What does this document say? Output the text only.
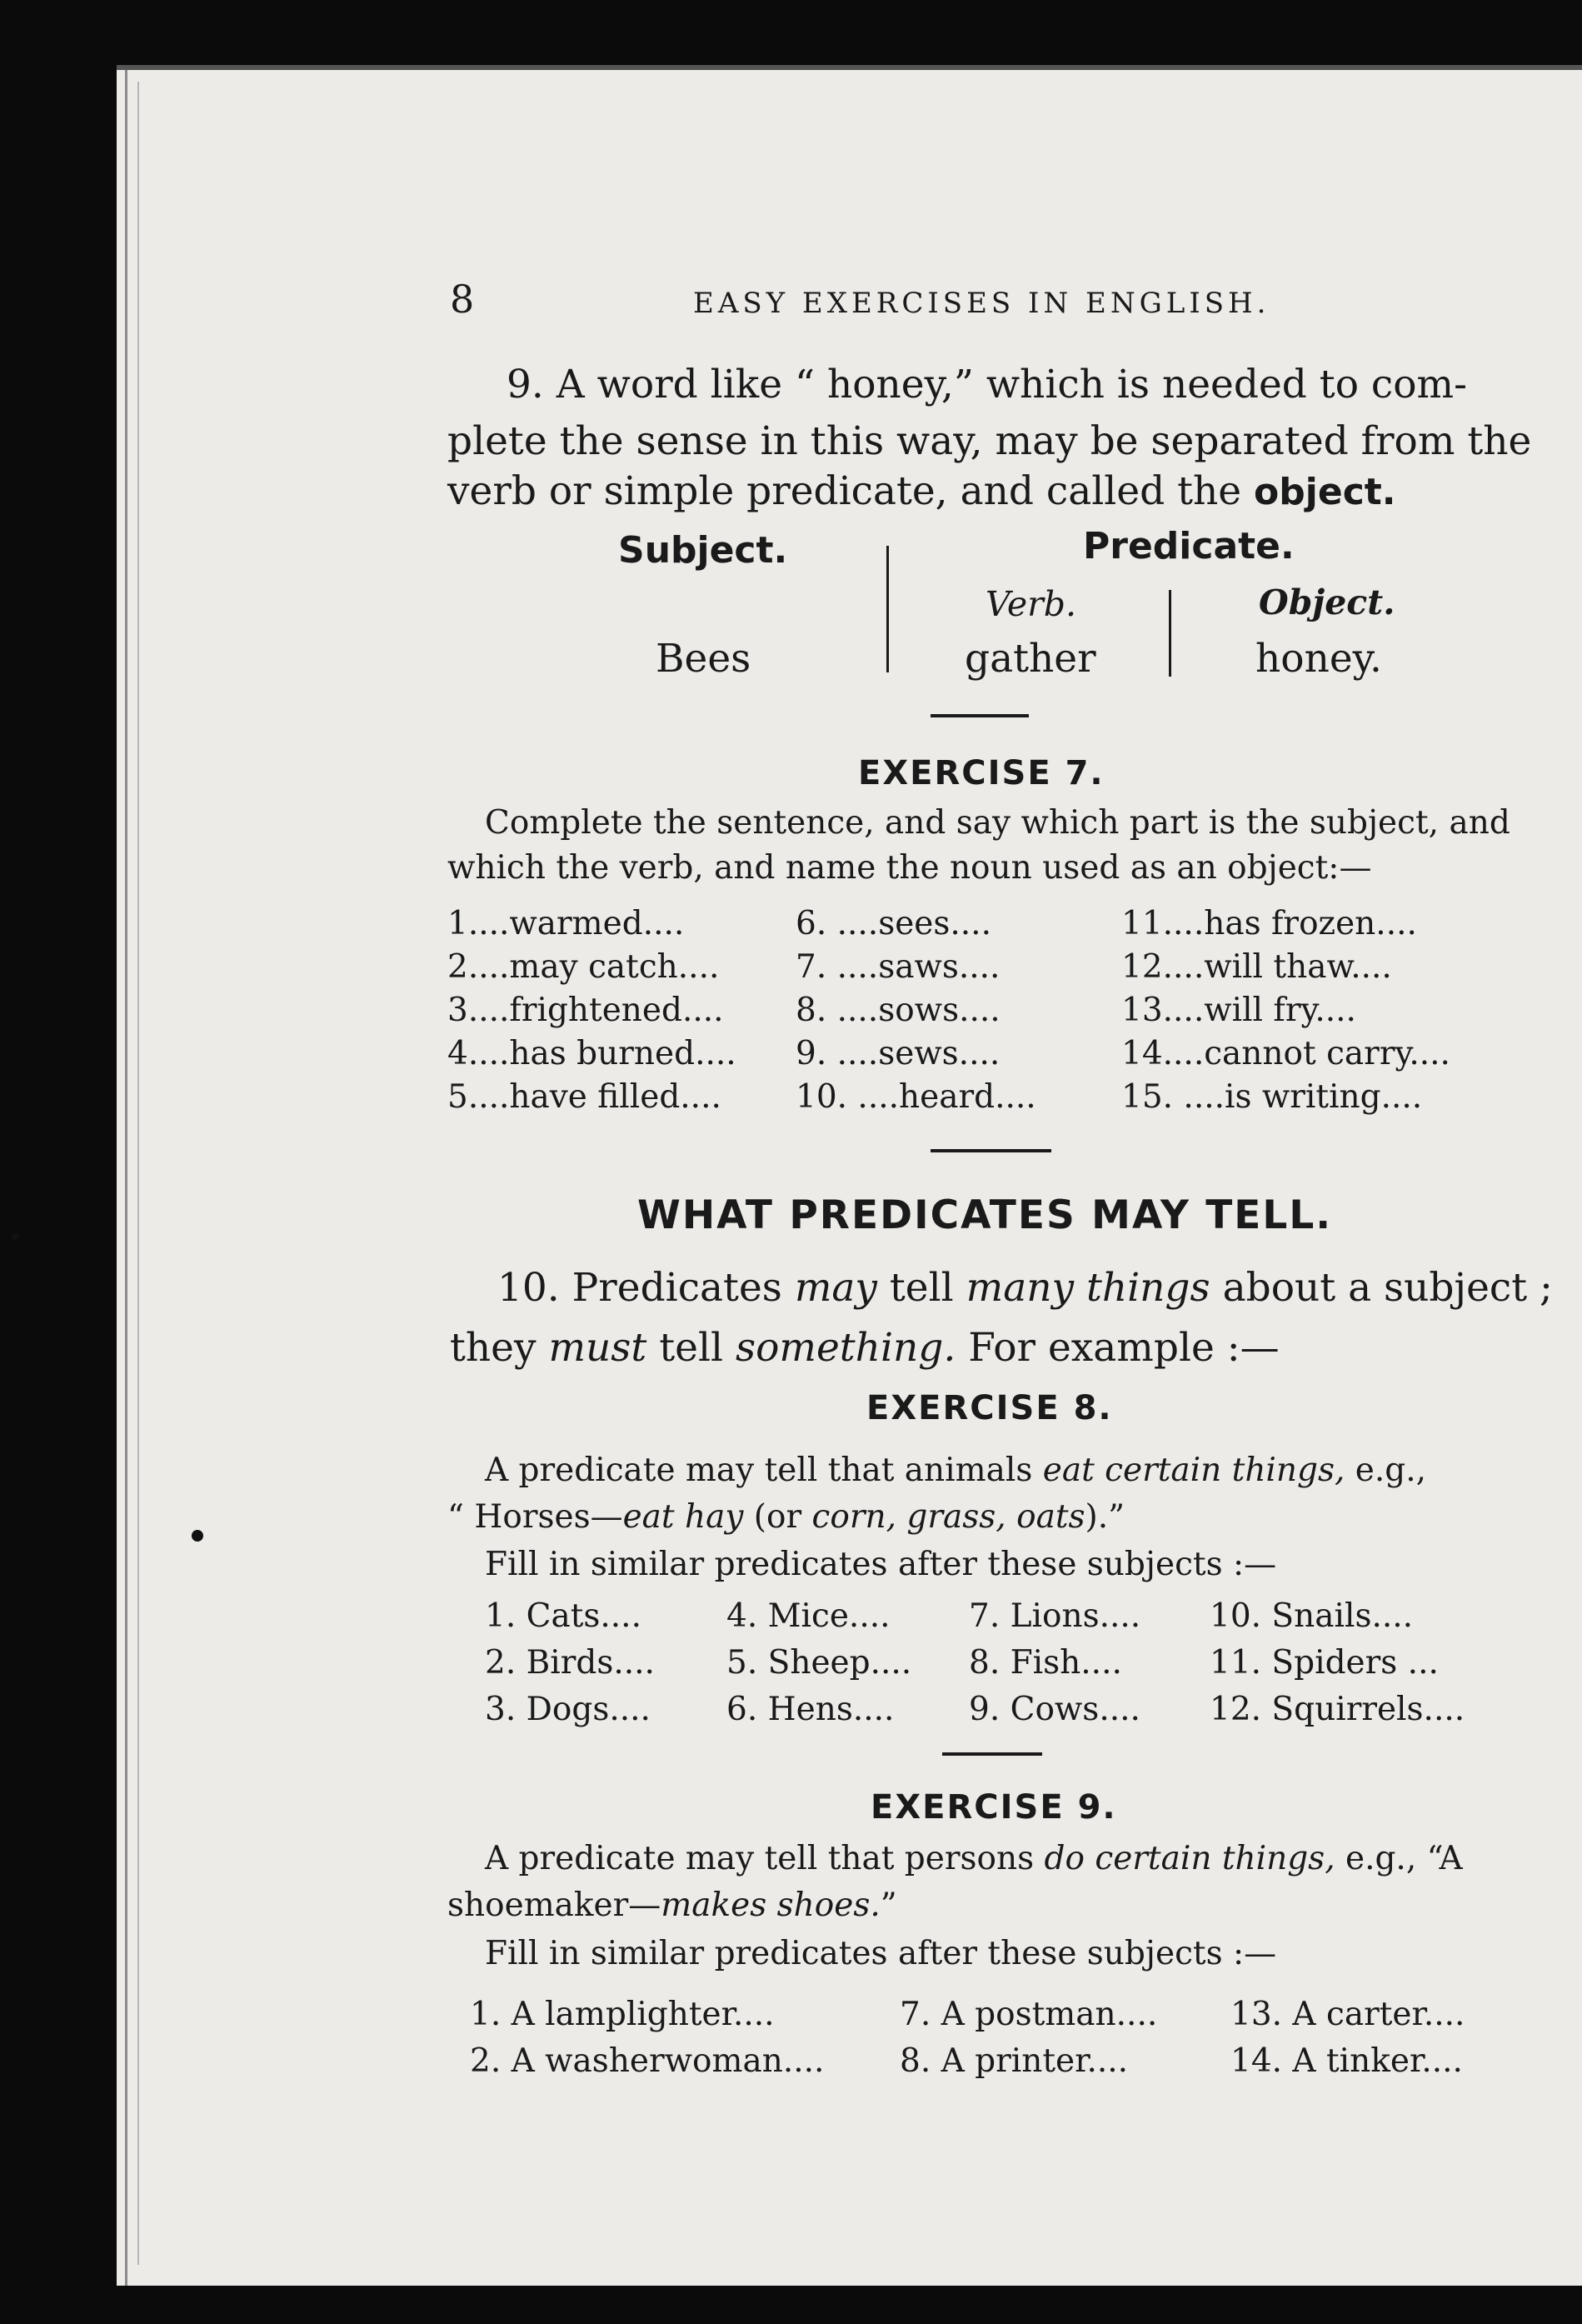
8	EASY EXERCISES IN ENGLISH.
9. A word like “ honey,” which is needed to com-
plete the sense in this way, may be separated from the
verb or simple predicate, and called the object.
Subject.	Predicate.
Verb.	Object.
Bees	gather	honey.
EXERCISE 7.
Complete the sentence, and say which part is the subject, and
which the verb, and name the noun used as an object:—
1....warmed....
2....may catch....
3....frightened....
4....has burned....
5....have filled....
6. ....sees....
7. ....saws....
8. ....sows....
9. ....sews....
10. ....heard....
11....has frozen....
12....will thaw....
13....will fry....
14....cannot carry....
15. ....is writing....
WHAT PREDICATES MAY TELL.
10. Predicates may tell many things about a subject ;
they must tell something. For example :—
EXERCISE 8.
A predicate may tell that animals eat certain things, e.g.,
“ Horses—eat hay (or corn, grass, oats).”
Fill in similar predicates after these subjects :—
1. Cats....
2. Birds....
3. Dogs....
4. Mice....
5. Sheep....
6. Hens....
7. Lions....
8. Fish....
9. Cows....
10. Snails....
11. Spiders ...
12. Squirrels....
EXERCISE 9.
A predicate may tell that persons do certain things, e.g., “A
shoemaker—makes shoes.”
Fill in similar predicates after these subjects :—
1. A lamplighter....
2. A washerwoman....
7. A postman....
8. A printer....
13. A carter....
14. A tinker....
